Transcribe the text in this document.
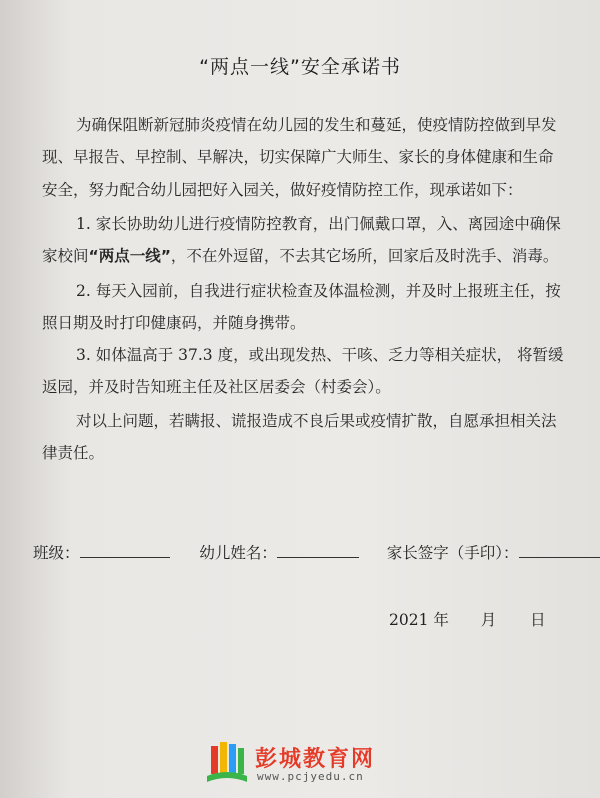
“两点一线”安全承诺书
为确保阻断新冠肺炎疫情在幼儿园的发生和蔓延，使疫情防控做到早发
现、早报告、早控制、早解决，切实保障广大师生、家长的身体健康和生命
安全，努力配合幼儿园把好入园关，做好疫情防控工作，现承诺如下：
1. 家长协助幼儿进行疫情防控教育，出门佩戴口罩，入、离园途中确保
家校间“两点一线”，不在外逗留，不去其它场所，回家后及时洗手、消毒。
2. 每天入园前，自我进行症状检查及体温检测，并及时上报班主任，按
照日期及时打印健康码，并随身携带。
3. 如体温高于 37.3 度，或出现发热、干咳、乏力等相关症状， 将暂缓
返园，并及时告知班主任及社区居委会（村委会）。
对以上问题，若瞒报、谎报造成不良后果或疫情扩散，自愿承担相关法
律责任。
班级：	幼儿姓名：	家长签字（手印）：
2021 年 月 日
彭城教育网
www.pcjyedu.cn
